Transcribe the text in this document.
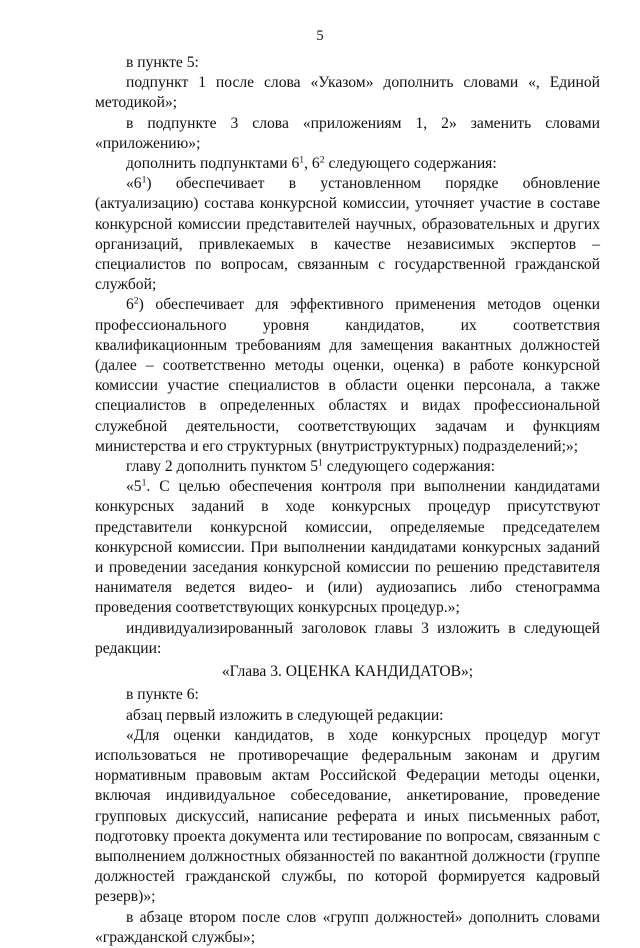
5

в пункте 5:

подпункт 1 после слова «Указом» дополнить словами «, Единой методикой»;

в подпункте 3 слова «приложениям 1, 2» заменить словами «приложению»;

дополнить подпунктами $6^1$, $6^2$ следующего содержания:

«$6^1$) обеспечивает в установленном порядке обновление (актуализацию) состава конкурсной комиссии, уточняет участие в составе конкурсной комиссии представителей научных, образовательных и других организаций, привлекаемых в качестве независимых экспертов – специалистов по вопросам, связанным с государственной гражданской службой;

$6^2$) обеспечивает для эффективного применения методов оценки профессионального уровня кандидатов, их соответствия квалификационным требованиям для замещения вакантных должностей (далее – соответственно методы оценки, оценка) в работе конкурсной комиссии участие специалистов в области оценки персонала, а также специалистов в определенных областях и видах профессиональной служебной деятельности, соответствующих задачам и функциям министерства и его структурных (внутриструктурных) подразделений;»;

главу 2 дополнить пунктом $5^1$ следующего содержания:

«$5^1$. С целью обеспечения контроля при выполнении кандидатами конкурсных заданий в ходе конкурсных процедур присутствуют представители конкурсной комиссии, определяемые председателем конкурсной комиссии. При выполнении кандидатами конкурсных заданий и проведении заседания конкурсной комиссии по решению представителя нанимателя ведется видео- и (или) аудиозапись либо стенограмма проведения соответствующих конкурсных процедур.»;

индивидуализированный заголовок главы 3 изложить в следующей редакции:

«Глава 3. ОЦЕНКА КАНДИДАТОВ»;

в пункте 6:

абзац первый изложить в следующей редакции:

«Для оценки кандидатов, в ходе конкурсных процедур могут использоваться не противоречащие федеральным законам и другим нормативным правовым актам Российской Федерации методы оценки, включая индивидуальное собеседование, анкетирование, проведение групповых дискуссий, написание реферата и иных письменных работ, подготовку проекта документа или тестирование по вопросам, связанным с выполнением должностных обязанностей по вакантной должности (группе должностей гражданской службы, по которой формируется кадровый резерв)»;

в абзаце втором после слов «групп должностей» дополнить словами «гражданской службы»;
